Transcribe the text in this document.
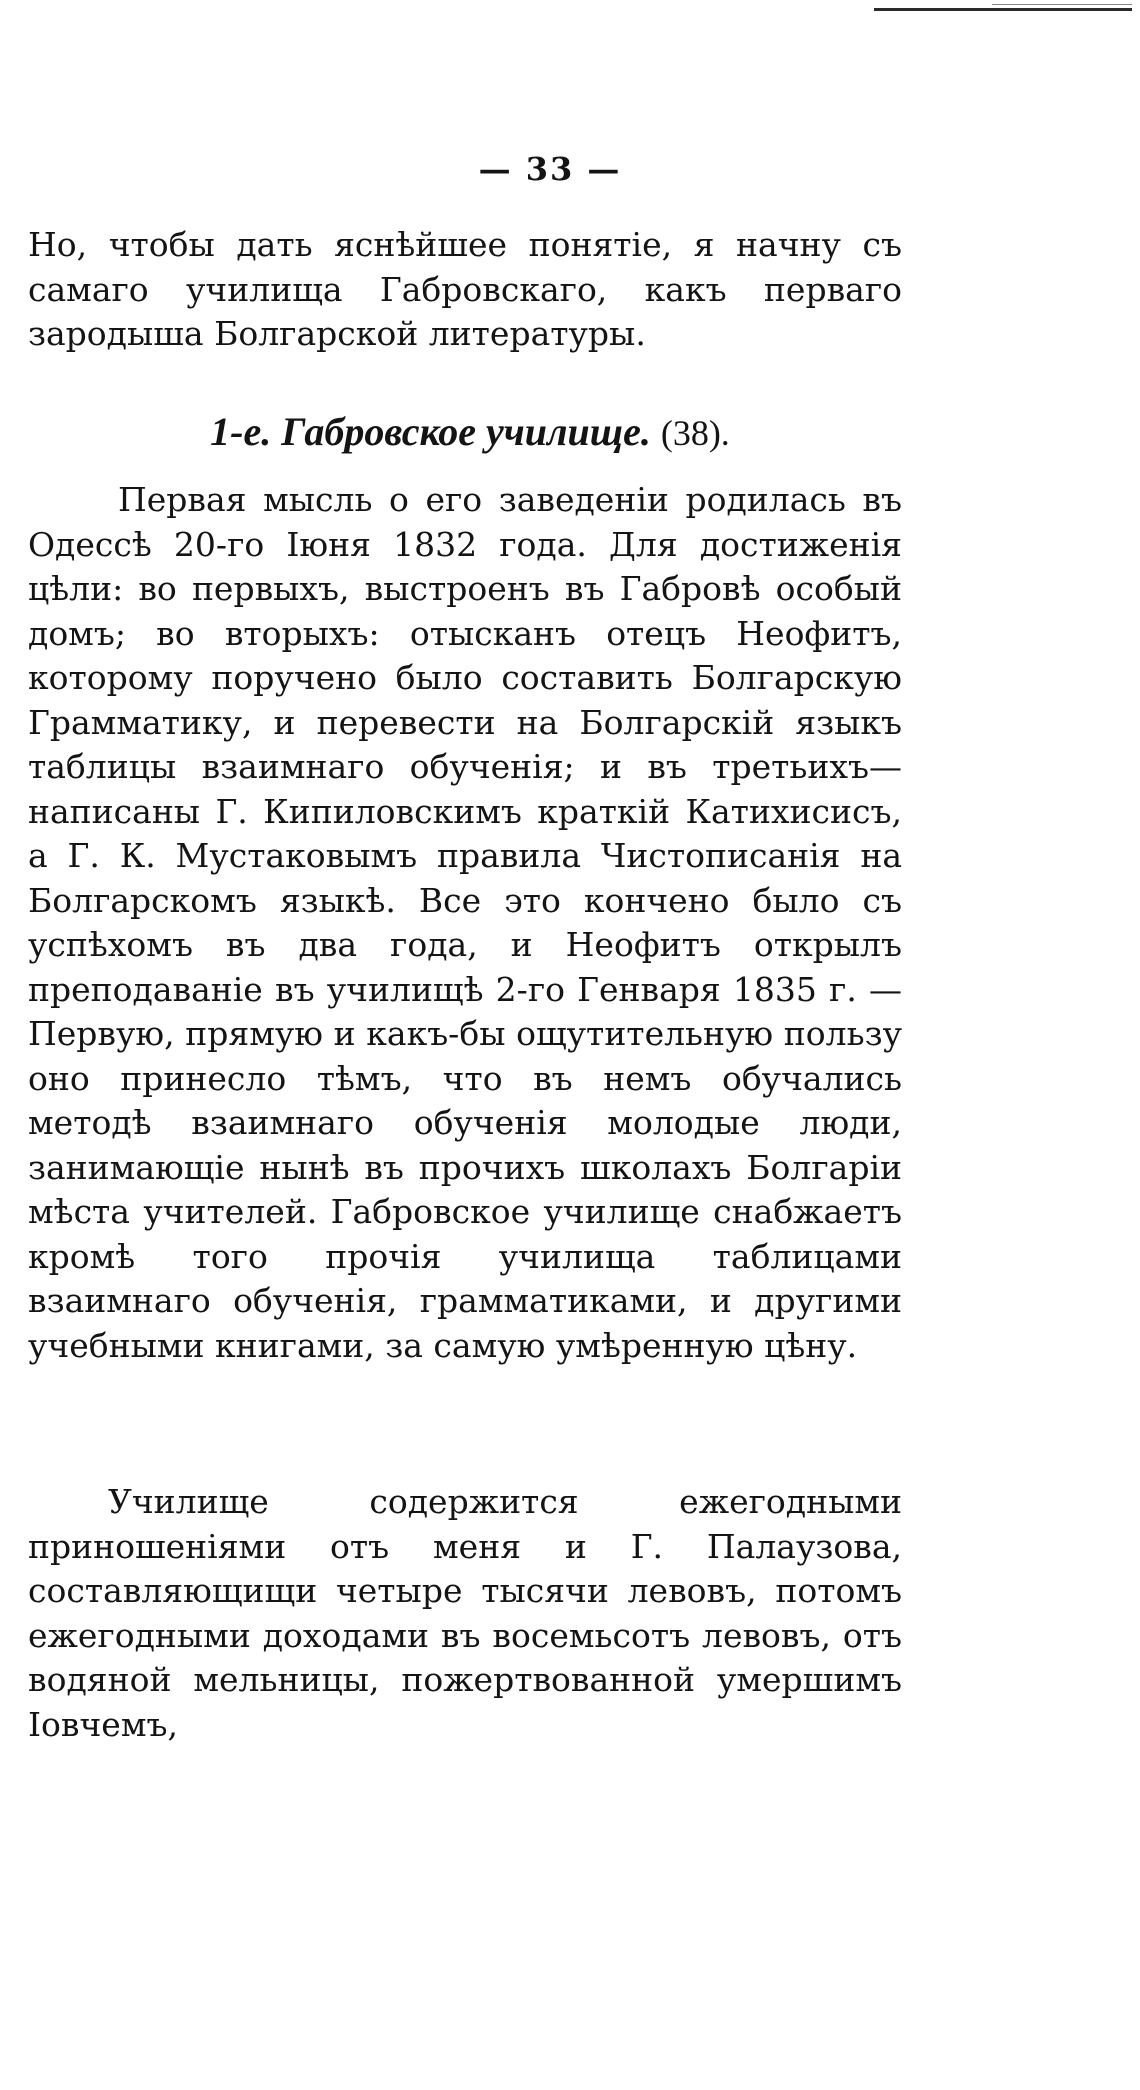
— 33 —

Но, чтобы дать яснѣйшее понятіе, я начну съ самаго училища Габровскаго, какъ перваго зародыша Болгарской литературы.

1-е. Габровское училище. (38).

Первая мысль о его заведеніи родилась въ Одессѣ 20-го Іюня 1832 года. Для достиженія цѣли: во первыхъ, выстроенъ въ Габровѣ особый домъ; во вторыхъ: отысканъ отецъ Неофитъ, которому поручено было составить Болгарскую Грамматику, и перевести на Болгарскій языкъ таблицы взаимнаго обученія; и въ третьихъ—написаны Г. Кипиловскимъ краткій Катихисисъ, а Г. К. Мустаковымъ правила Чистописанія на Болгарскомъ языкѣ. Все это кончено было съ успѣхомъ въ два года, и Неофитъ открылъ преподаваніе въ училищѣ 2-го Генваря 1835 г. — Первую, прямую и какъ-бы ощутительную пользу оно принесло тѣмъ, что въ немъ обучались методѣ взаимнаго обученія молодые люди, занимающіе нынѣ въ прочихъ школахъ Болгаріи мѣста учителей. Габровское училище снабжаетъ кромѣ того прочія училища таблицами взаимнаго обученія, грамматиками, и другими учебными книгами, за самую умѣренную цѣну.

Училище содержится ежегодными приношеніями отъ меня и Г. Палаузова, составляющищи четыре тысячи левовъ, потомъ ежегодными доходами въ восемьсотъ левовъ, отъ водяной мельницы, пожертвованной умершимъ Іовчемъ,
